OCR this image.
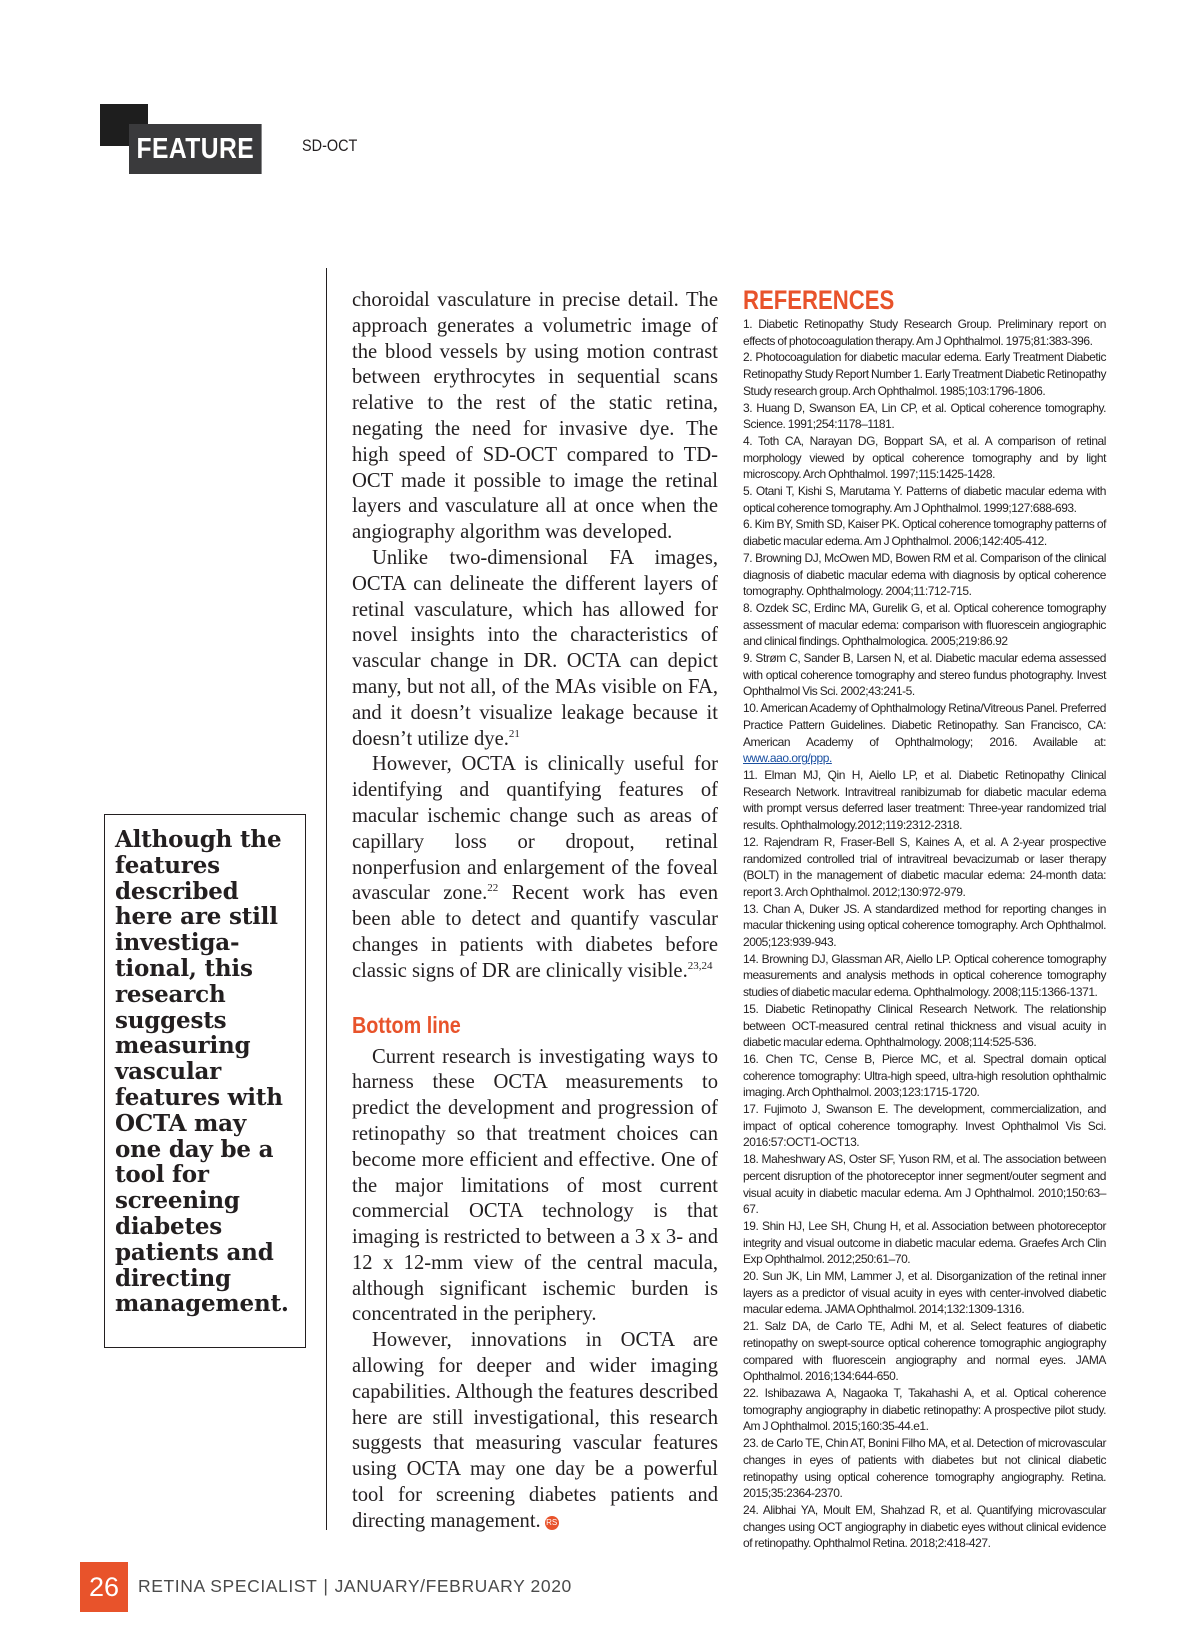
FEATURE	SD-OCT
Although the features described here are still investiga-tional, this research suggests measuring vascular features with OCTA may one day be a tool for screening diabetes patients and directing management.

choroidal vasculature in precise detail. The approach generates a volumetric image of the blood vessels by using motion contrast between erythrocytes in sequential scans relative to the rest of the static retina, negating the need for invasive dye. The high speed of SD-OCT compared to TD-OCT made it possible to image the retinal layers and vasculature all at once when the angiography algorithm was developed.

Unlike two-dimensional FA images, OCTA can delineate the different layers of retinal vasculature, which has allowed for novel insights into the characteristics of vascular change in DR. OCTA can depict many, but not all, of the MAs visible on FA, and it doesn’t visualize leakage because it doesn’t utilize dye.$^{21}$

However, OCTA is clinically useful for identifying and quantifying features of macular ischemic change such as areas of capillary loss or dropout, retinal nonperfusion and enlargement of the foveal avascular zone.$^{22}$ Recent work has even been able to detect and quantify vascular changes in patients with diabetes before classic signs of DR are clinically visible.$^{23,24}$

Bottom line

Current research is investigating ways to harness these OCTA measurements to predict the development and progression of retinopathy so that treatment choices can become more efficient and effective. One of the major limitations of most current commercial OCTA technology is that imaging is restricted to between a 3 x 3- and 12 x 12-mm view of the central macula, although significant ischemic burden is concentrated in the periphery.

However, innovations in OCTA are allowing for deeper and wider imaging capabilities. Although the features described here are still investigational, this research suggests that measuring vascular features using OCTA may one day be a powerful tool for screening diabetes patients and directing management. RS

REFERENCES
1. Diabetic Retinopathy Study Research Group. Preliminary report on effects of photocoagulation therapy. Am J Ophthalmol. 1975;81:383-396.
2. Photocoagulation for diabetic macular edema. Early Treatment Diabetic Retinopathy Study Report Number 1. Early Treatment Diabetic Retinopathy Study research group. Arch Ophthalmol. 1985;103:1796-1806.
3. Huang D, Swanson EA, Lin CP, et al. Optical coherence tomography. Science. 1991;254:1178–1181.
4. Toth CA, Narayan DG, Boppart SA, et al. A comparison of retinal morphology viewed by optical coherence tomography and by light microscopy. Arch Ophthalmol. 1997;115:1425-1428.
5. Otani T, Kishi S, Marutama Y. Patterns of diabetic macular edema with optical coherence tomography. Am J Ophthalmol. 1999;127:688-693.
6. Kim BY, Smith SD, Kaiser PK. Optical coherence tomography patterns of diabetic macular edema. Am J Ophthalmol. 2006;142:405-412.
7. Browning DJ, McOwen MD, Bowen RM et al. Comparison of the clinical diagnosis of diabetic macular edema with diagnosis by optical coherence tomography. Ophthalmology. 2004;11:712-715.
8. Ozdek SC, Erdinc MA, Gurelik G, et al. Optical coherence tomography assessment of macular edema: comparison with fluorescein angiographic and clinical findings. Ophthalmologica. 2005;219:86.92
9. Strøm C, Sander B, Larsen N, et al. Diabetic macular edema assessed with optical coherence tomography and stereo fundus photography. Invest Ophthalmol Vis Sci. 2002;43:241-5.
10. American Academy of Ophthalmology Retina/Vitreous Panel. Preferred Practice Pattern Guidelines. Diabetic Retinopathy. San Francisco, CA: American Academy of Ophthalmology; 2016. Available at: www.aao.org/ppp.
11. Elman MJ, Qin H, Aiello LP, et al. Diabetic Retinopathy Clinical Research Network. Intravitreal ranibizumab for diabetic macular edema with prompt versus deferred laser treatment: Three-year randomized trial results. Ophthalmology.2012;119:2312-2318.
12. Rajendram R, Fraser-Bell S, Kaines A, et al. A 2-year prospective randomized controlled trial of intravitreal bevacizumab or laser therapy (BOLT) in the management of diabetic macular edema: 24-month data: report 3. Arch Ophthalmol. 2012;130:972-979.
13. Chan A, Duker JS. A standardized method for reporting changes in macular thickening using optical coherence tomography. Arch Ophthalmol. 2005;123:939-943.
14. Browning DJ, Glassman AR, Aiello LP. Optical coherence tomography measurements and analysis methods in optical coherence tomography studies of diabetic macular edema. Ophthalmology. 2008;115:1366-1371.
15. Diabetic Retinopathy Clinical Research Network. The relationship between OCT-measured central retinal thickness and visual acuity in diabetic macular edema. Ophthalmology. 2008;114:525-536.
16. Chen TC, Cense B, Pierce MC, et al. Spectral domain optical coherence tomography: Ultra-high speed, ultra-high resolution ophthalmic imaging. Arch Ophthalmol. 2003;123:1715-1720.
17. Fujimoto J, Swanson E. The development, commercialization, and impact of optical coherence tomography. Invest Ophthalmol Vis Sci. 2016:57:OCT1-OCT13.
18. Maheshwary AS, Oster SF, Yuson RM, et al. The association between percent disruption of the photoreceptor inner segment/outer segment and visual acuity in diabetic macular edema. Am J Ophthalmol. 2010;150:63–67.
19. Shin HJ, Lee SH, Chung H, et al. Association between photoreceptor integrity and visual outcome in diabetic macular edema. Graefes Arch Clin Exp Ophthalmol. 2012;250:61–70.
20. Sun JK, Lin MM, Lammer J, et al. Disorganization of the retinal inner layers as a predictor of visual acuity in eyes with center-involved diabetic macular edema. JAMA Ophthalmol. 2014;132:1309-1316.
21. Salz DA, de Carlo TE, Adhi M, et al. Select features of diabetic retinopathy on swept-source optical coherence tomographic angiography compared with fluorescein angiography and normal eyes. JAMA Ophthalmol. 2016;134:644-650.
22. Ishibazawa A, Nagaoka T, Takahashi A, et al. Optical coherence tomography angiography in diabetic retinopathy: A prospective pilot study. Am J Ophthalmol. 2015;160:35-44.e1.
23. de Carlo TE, Chin AT, Bonini Filho MA, et al. Detection of microvascular changes in eyes of patients with diabetes but not clinical diabetic retinopathy using optical coherence tomography angiography. Retina. 2015;35:2364-2370.
24. Alibhai YA, Moult EM, Shahzad R, et al. Quantifying microvascular changes using OCT angiography in diabetic eyes without clinical evidence of retinopathy. Ophthalmol Retina. 2018;2:418-427.
26	RETINA SPECIALIST | JANUARY/FEBRUARY 2020
